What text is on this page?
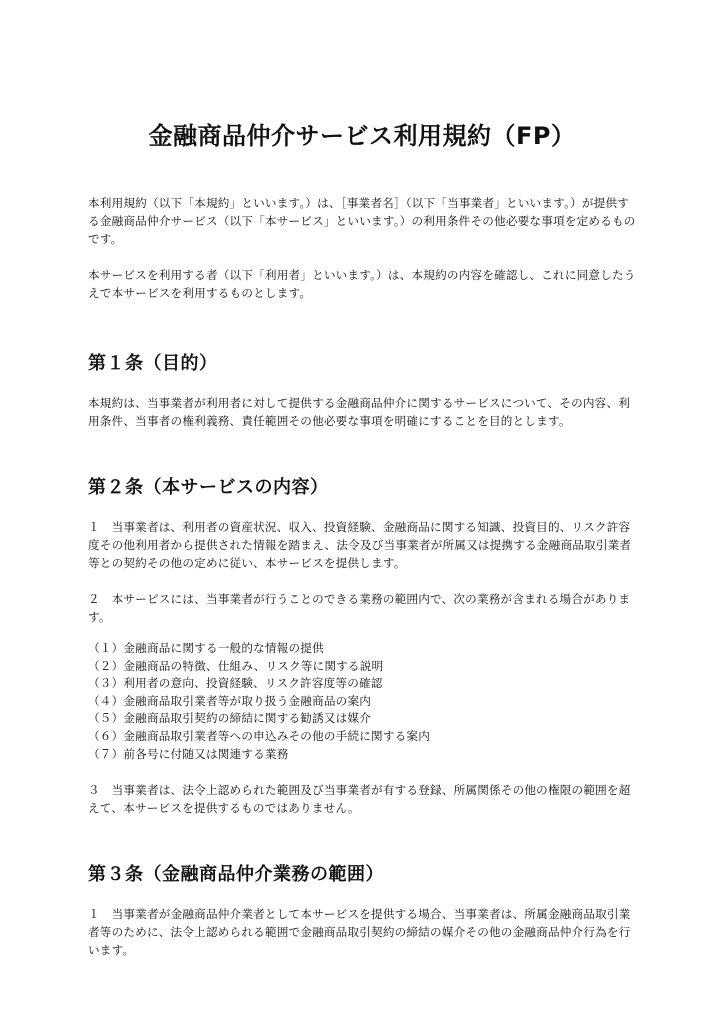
金融商品仲介サービス利用規約（FP）

本利用規約（以下「本規約」といいます。）は、［事業者名］（以下「当事業者」といいます。）が提供する金融商品仲介サービス（以下「本サービス」といいます。）の利用条件その他必要な事項を定めるものです。

本サービスを利用する者（以下「利用者」といいます。）は、本規約の内容を確認し、これに同意したうえで本サービスを利用するものとします。

第１条（目的）

本規約は、当事業者が利用者に対して提供する金融商品仲介に関するサービスについて、その内容、利用条件、当事者の権利義務、責任範囲その他必要な事項を明確にすることを目的とします。

第２条（本サービスの内容）

１　当事業者は、利用者の資産状況、収入、投資経験、金融商品に関する知識、投資目的、リスク許容度その他利用者から提供された情報を踏まえ、法令及び当事業者が所属又は提携する金融商品取引業者等との契約その他の定めに従い、本サービスを提供します。

２　本サービスには、当事業者が行うことのできる業務の範囲内で、次の業務が含まれる場合があります。

（１）金融商品に関する一般的な情報の提供
（２）金融商品の特徴、仕組み、リスク等に関する説明
（３）利用者の意向、投資経験、リスク許容度等の確認
（４）金融商品取引業者等が取り扱う金融商品の案内
（５）金融商品取引契約の締結に関する勧誘又は媒介
（６）金融商品取引業者等への申込みその他の手続に関する案内
（７）前各号に付随又は関連する業務

３　当事業者は、法令上認められた範囲及び当事業者が有する登録、所属関係その他の権限の範囲を超えて、本サービスを提供するものではありません。

第３条（金融商品仲介業務の範囲）

１　当事業者が金融商品仲介業者として本サービスを提供する場合、当事業者は、所属金融商品取引業者等のために、法令上認められる範囲で金融商品取引契約の締結の媒介その他の金融商品仲介行為を行います。
